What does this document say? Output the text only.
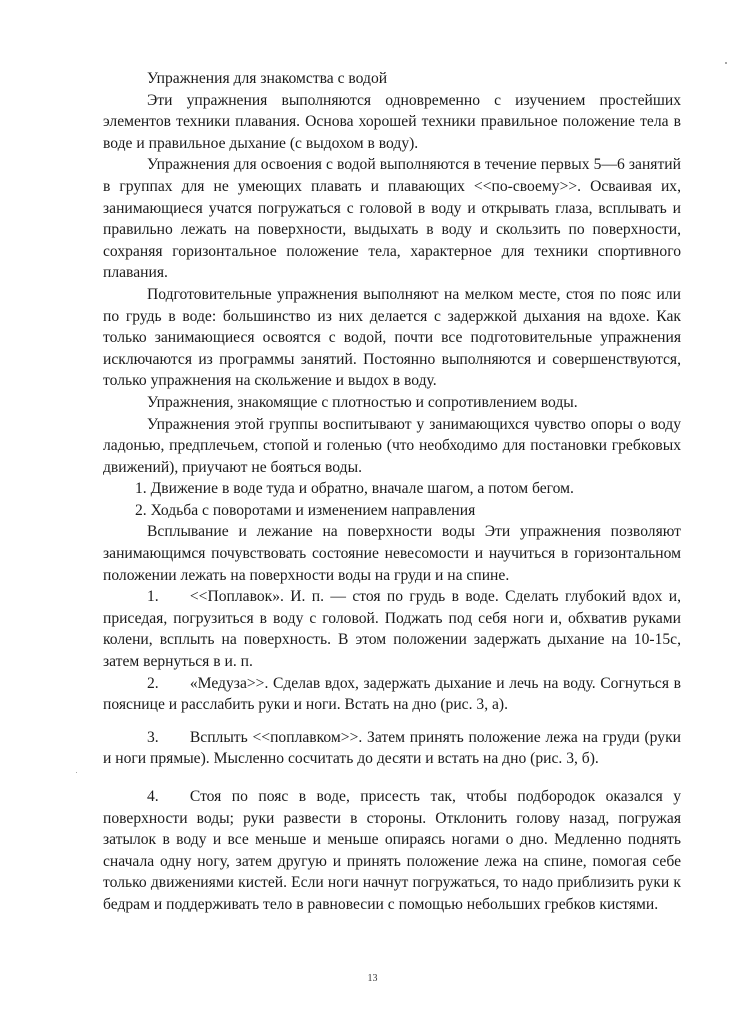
Упражнения для знакомства с водой

Эти упражнения выполняются одновременно с изучением простейших элементов техники плавания. Основа хорошей техники правильное положение тела в воде и правильное дыхание (с выдохом в воду).

Упражнения для освоения с водой выполняются в течение первых 5—6 занятий в группах для не умеющих плавать и плавающих <<по-своему>>. Осваивая их, занимающиеся учатся погружаться с головой в воду и открывать глаза, всплывать и правильно лежать на поверхности, выдыхать в воду и скользить по поверхности, сохраняя горизонтальное положение тела, характерное для техники спортивного плавания.

Подготовительные упражнения выполняют на мелком месте, стоя по пояс или по грудь в воде: большинство из них делается с задержкой дыхания на вдохе. Как только занимающиеся освоятся с водой, почти все подготовительные упражнения исключаются из программы занятий. Постоянно выполняются и совершенствуются, только упражнения на скольжение и выдох в воду.

Упражнения, знакомящие с плотностью и сопротивлением воды.

Упражнения этой группы воспитывают у занимающихся чувство опоры о воду ладонью, предплечьем, стопой и голенью (что необходимо для постановки гребковых движений), приучают не бояться воды.

1. Движение в воде туда и обратно, вначале шагом, а потом бегом.

2. Ходьба с поворотами и изменением направления

Всплывание и лежание на поверхности воды Эти упражнения позволяют занимающимся почувствовать состояние невесомости и научиться в горизонтальном положении лежать на поверхности воды на груди и на спине.

1.  <<Поплавок». И. п. — стоя по грудь в воде. Сделать глубокий вдох и, приседая, погрузиться в воду с головой. Поджать под себя ноги и, обхватив руками колени, всплыть на поверхность. В этом положении задержать дыхание на 10-15с, затем вернуться в и. п.

2.  «Медуза>>. Сделав вдох, задержать дыхание и лечь на воду. Согнуться в пояснице и расслабить руки и ноги. Встать на дно (рис. 3, а).

3.  Всплыть <<поплавком>>. Затем принять положение лежа на груди (руки и ноги прямые). Мысленно сосчитать до десяти и встать на дно (рис. 3, б).

4.  Стоя по пояс в воде, присесть так, чтобы подбородок оказался у поверхности воды; руки развести в стороны. Отклонить голову назад, погружая затылок в воду и все меньше и меньше опираясь ногами о дно. Медленно поднять сначала одну ногу, затем другую и принять положение лежа на спине, помогая себе только движениями кистей. Если ноги начнут погружаться, то надо приблизить руки к бедрам и поддерживать тело в равновесии с помощью небольших гребков кистями.

13
